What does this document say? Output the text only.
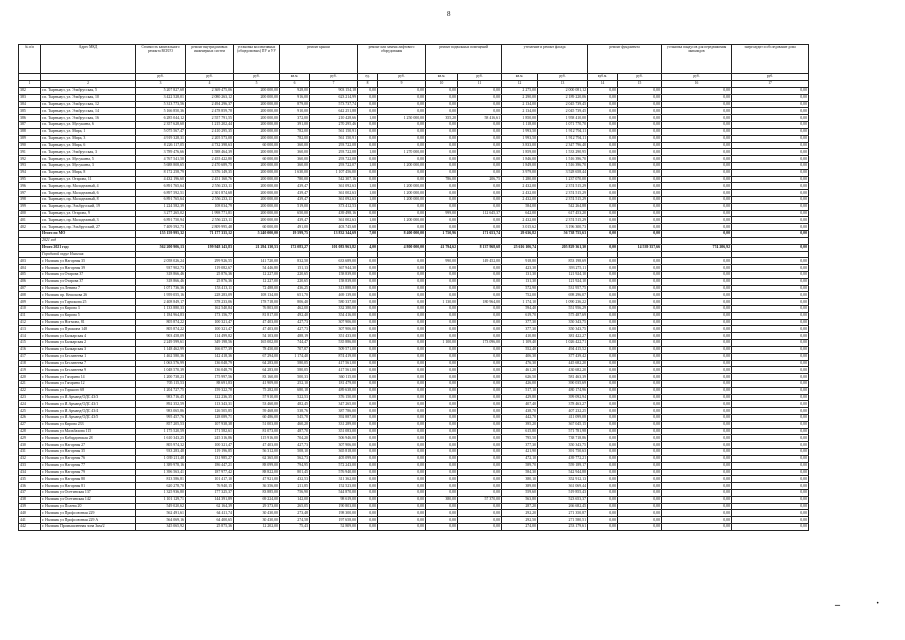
8
№ п/п	Адрес МКД	Стоимость капитального ремонта ВСЕГО	ремонт внутридомовых инженерных систем	установка коллективных (общедомовых) ПУ и УУ	ремонт крыши		ремонт или замена лифтового оборудования		ремонт подвальных помещений		утепление и ремонт фасада		ремонт фундамента		установка пандусов для передвижения инвалидов	энергоаудит и обследование дома
		руб.	руб.	руб.	кв.м.	руб.	ед.	руб.	кв.м.	руб.	кв.м.	руб.	куб.м.	руб.	руб.	руб.
1	2	3	4	5	6	7	8	9	10	11	12	13	14	15	16	17
382	г.п. Тырныауз, ул. Эльбрусская, 5	5 207 827,68	2 369 475,06	200 000,00	928,00	903 154,18	0,00	0,00	0,00	0,00	2 275,00	2 000 081,12	0,00	0,00	0,00	0,00
383	г.п. Тырныауз, ул. Эльбрусская, 10	3 422 528,01	2 080 263,12	200 000,00	916,00	623 214,99	0,00	0,00	0,00	0,00	2 290,00	2 189 220,06	0,00	0,00	0,00	0,00
384	г.п. Тырныауз, ул. Эльбрусская, 12	5 313 773,56	2 494 296,37	200 000,00	879,00	573 737,74	0,00	0,00	0,00	0,00	2 134,00	2 045 739,45	0,00	0,00	0,00	0,00
385	г.п. Тырныауз, ул. Эльбрусская, 14	5 166 850,36	2 478 859,78	200 000,00	910,00	642 251,88	0,00	0,00	0,00	0,00	2 134,00	2 045 739,45	0,00	0,00	0,00	0,00
386	г.п. Тырныауз, ул. Эльбрусская, 16	6 285 044,12	2 557 791,55	200 000,00	372,00	210 428,66	1,00	1 250 000,00	355,20	58 416,61	1 850,00	1 958 410,00	0,00	0,00	0,00	0,00
387	г.п. Тырныауз, ул. Мусукаева, 6	2 357 628,60	1 215 202,44	200 000,00	391,00	270 295,46	0,00	0,00	0,00	0,00	1 118,00	1 071 770,70	0,00	0,00	0,00	0,00
388	г.п. Тырныауз, ул. Мира, 1	5 075 567,47	2 410 295,35	200 000,00	782,00	561 150,91	0,00	0,00	0,00	0,00	1 993,50	1 912 794,11	0,00	0,00	0,00	0,00
389	г.п. Тырныауз, ул. Мира, 3	4 919 328,31	2 205 573,08	200 000,00	782,00	561 150,91	0,00	0,00	0,00	0,00	1 993,50	1 912 794,11	0,00	0,00	0,00	0,00
390	г.п. Тырныауз, ул. Мира, 6	8 226 117,05	4 732 398,63	60 000,00	360,00	293 722,08	0,00	0,00	0,00	0,00	3 833,00	2 347 796,40	0,00	0,00	0,00	0,00
391	г.п. Тырныауз, ул. Эльбрусская, 3	3 789 476,66	1 588 464,39	200 000,00	360,00	293 722,08	1,00	1 270 000,00	0,00	0,00	1 859,00	1 533 290,95	0,00	0,00	0,00	0,00
392	г.п. Тырныауз, ул. Мусукаева, 5	4 767 541,50	2 455 422,80	60 000,00	360,00	293 722,08	0,00	0,00	0,00	0,00	1 846,00	1 516 396,70	0,00	0,00	0,00	0,00
393	г.п. Тырныауз, ул. Мусукаева, 3	5 688 808,65	2 470 689,75	200 000,00	360,00	293 722,07	1,00	1 200 000,00	0,00	0,00	1 849,00	1 516 396,70	0,00	0,00	0,00	0,00
394	г.п. Тырныауз, ул. Мира, 8	8 172 258,79	3 376 149,35	200 000,00	1 630,00	1 107 456,00	0,00	0,00	0,00	0,00	3 979,00	3 528 658,44	0,00	0,00	0,00	0,00
395	г.п. Тырныауз, ул. Отарова, 11	4 432 196,60	2 451 160,76	200 000,00	780,00	542 307,16	0,00	0,00	786,00	206,75	1 280,00	1 237 070,00	0,00	0,00	0,00	0,00
396	г.п. Тырныауз, пр. Молодежный, 4	6 891 765,64	2 556 233,11	200 000,00	439,47	361 092,63	1,00	1 200 000,00	0,00	0,00	2 432,00	2 374 515,29	0,00	0,00	0,00	0,00
397	г.п. Тырныауз, пр. Молодежный, 6	6 897 592,51	2 301 874,68	200 000,00	439,47	361 002,63	1,00	1 200 000,00	0,00	0,00	2 432,00	2 374 515,29	0,00	0,00	0,00	0,00
398	г.п. Тырныауз, пр. Молодежный, 8	6 891 765,64	2 556 233,11	200 000,00	439,47	361 092,63	1,00	1 200 000,00	0,00	0,00	2 432,00	2 374 515,29	0,00	0,00	0,00	0,00
399	г.п. Тырныауз, пр. Эльбрусский, 19	1 224 582,39	108 034,79	200 000,00	519,00	373 412,53	0,00	0,00	0,00	0,00	584,00	542 264,88	0,00	0,00	0,00	0,00
400	г.п. Тырныауз, ул. Отарова, 9	3 277 265,02	1 998 771,81	200 000,00	650,00	439 498,16	0,00	0,00	999,00	112 645,37	642,00	617 453,20	0,00	0,00	0,00	0,00
401	г.п. Тырныауз, пр. Молодежный, 3	6 891 750,94	2 556 223,11	200 000,00	439,47	361 002,63	1,00	1 200 000,00	0,00	0,00	2 432,00	2 374 515,29	0,00	0,00	0,00	0,00
402	г.п. Тырныауз, пр. Эльбрусский, 27	7 409 592,73	2 809 995,48	60 000,00	491,00	403 745,68	0,00	0,00	0,00	0,00	3 015,62	3 196 300,73	0,00	0,00	0,00	0,00
	Итого по МО	155 159 995,32	71 177 335,12	5 240 000,00	19 599,75	13 832 344,69	7,00	8 400 000,00	1 750,96	171 653,74	29 636,82	56 738 755,63	0,00	0,00	0,00	0,00
	2021 год															
	Итого 2021 год:	562 200 906,13	199 948 143,83	21 294 130,53	172 083,27	101 083 963,82	4,00	4 800 000,00	41 794,62	8 137 968,68	25 616 106,74	205 829 361,30	0,00	14 539 357,66	774 206,92	0,00
	Городской округ Нальчик															
403	г. Нальчик ул Нагорная 35	2 058 026,24	299 926,55	141 720,00	832,50	633 689,00	0,00	0,00	990,00	149 452,00	918,80	853 198,69	0,00	0,00	0,00	0,00
404	г. Нальчик ул Нагорная 39	937 902,73	119 082,67	54 446,80	151,13	367 944,30	0,00	0,00	0,00	0,00	423,30	393 275,11	0,00	0,00	0,00	0,00
405	г. Нальчик ул Отарова 37	318 866,46	25 876,36	12 227,00	220,65	158 839,00	0,00	0,00	0,00	0,00	131,30	121 924,10	0,00	0,00	0,00	0,00
406	г. Нальчик ул Отарова 37	318 866,46	25 876,36	12 227,00	220,65	158 839,00	0,00	0,00	0,00	0,00	131,30	121 924,10	0,00	0,00	0,00	0,00
407	г. Нальчик ул Ленина 7	1 071 736,36	153 413,11	72 488,00	436,25	313 888,00	0,00	0,00	0,00	0,00	572,90	531 957,75	0,00	0,00	0,00	0,00
408	г. Нальчик пр. Кешокова 26	1 959 055,16	228 283,09	108 134,00	651,70	469 139,00	0,00	0,00	0,00	0,00	752,00	698 296,07	0,00	0,00	0,00	0,00
409	г. Нальчик ул Тарчокова 25	2 408 849,17	378 233,06	178 718,00	806,40	580 337,00	0,00	0,00	1 130,00	180 964,00	1 174,10	1 090 236,22	0,00	0,00	0,00	0,00
410	г. Нальчик ул Кирова 3	1 133 880,33	162 540,84	76 803,00	462,00	332 380,00	0,00	0,00	0,00	0,00	594,40	551 956,29	0,00	0,00	0,00	0,00
411	г. Нальчик ул Кирова 5	1 184 964,83	173 156,77	81 817,00	492,40	354 416,00	0,00	0,00	0,00	0,00	619,70	575 487,69	0,00	0,00	0,00	0,00
412	г. Нальчик ул Ногмова, 81	805 874,22	100 321,47	47 403,00	427,73	307 906,00	0,00	0,00	0,00	0,00	377,30	350 343,75	0,00	0,00	0,00	0,00
413	г. Нальчик ул Пушкина 148	805 874,22	100 321,47	47 403,00	427,73	307 906,00	0,00	0,00	0,00	0,00	377,30	350 343,75	0,00	0,00	0,00	0,00
414	г. Нальчик ул Балкарская 4	903 458,09	114 499,82	54 103,00	488,19	351 433,00	0,00	0,00	0,00	0,00	410,80	381 422,27	0,00	0,00	0,00	0,00
415	г. Нальчик ул Балкарская 2	2 249 599,61	349 198,56	165 002,00	744,47	535 886,00	0,00	0,00	1 100,00	173 096,00	1 109,40	1 026 422,71	0,00	0,00	0,00	0,00
416	г. Нальчик ул Балкарская 3	1 148 462,99	166 077,39	78 450,00	707,87	509 571,00	0,00	0,00	0,00	0,00	552,40	494 415,52	0,00	0,00	0,00	0,00
417	г. Нальчик ул Бесланеева 1	1 462 580,36	142 418,36	67 294,00	1 174,40	874 419,00	0,00	0,00	0,00	0,00	406,30	377 439,42	0,00	0,00	0,00	0,00
418	г. Нальчик ул Бесланеева 7	1 063 576,99	136 048,79	64 283,00	580,05	417 561,00	0,00	0,00	0,00	0,00	476,30	445 682,20	0,00	0,00	0,00	0,00
419	г. Нальчик ул Бесланеева 9	1 048 570,39	136 048,79	64 283,00	580,05	417 561,00	0,00	0,00	0,00	0,00	461,20	430 682,20	0,00	0,00	0,00	0,00
420	г. Нальчик ул Гагарина 14	1 200 738,23	175 997,56	83 160,00	500,33	360 115,00	0,00	0,00	0,00	0,00	626,50	581 463,39	0,00	0,00	0,00	0,00
421	г. Нальчик ул Гагарина 12	705 115,53	88 691,83	41 909,00	252,10	181 479,00	0,00	0,00	0,00	0,00	426,00	390 035,69	0,00	0,00	0,00	0,00
422	г. Нальчик ул Горького 68	1 204 727,75	159 322,78	75 282,00	680,18	489 638,00	0,00	0,00	0,00	0,00	517,10	480 174,96	0,00	0,00	0,00	0,00
423	г. Нальчик ул И.Арманд/ОДС 43/3	983 716,45	122 236,35	57 910,00	522,53	376 150,00	0,00	0,00	0,00	0,00	429,80	399 092,94	0,00	0,00	0,00	0,00
424	г. Нальчик ул И.Арманд/ОДС 43/1	892 352,59	113 343,31	53 460,00	482,45	347 265,00	0,00	0,00	0,00	0,00	407,40	378 463,27	0,00	0,00	0,00	0,00
425	г. Нальчик ул И.Арманд/ОДС 43/4	983 065,86	126 505,85	59 468,00	538,76	387 786,00	0,00	0,00	0,00	0,00	438,70	407 232,25	0,00	0,00	0,00	0,00
426	г. Нальчик ул И.Арманд/ОДС 43/5	995 457,76	128 089,71	60 486,00	545,78	392 887,00	0,00	0,00	0,00	0,00	442,70	411 099,08	0,00	0,00	0,00	0,00
427	г. Нальчик ул Кирова 233	857 205,53	107 938,38	51 003,00	460,20	331 289,00	0,00	0,00	0,00	0,00	395,20	367 045,15	0,00	0,00	0,00	0,00
428	г. Нальчик ул Мальбахова 115	1 175 520,59	171 582,61	81 073,00	487,70	351 083,00	0,00	0,00	0,00	0,00	615,80	571 781,98	0,00	0,00	0,00	0,00
429	г. Нальчик ул Кабардинская 28	1 610 343,25	245 316,86	115 916,00	704,20	506 946,00	0,00	0,00	0,00	0,00	795,50	738 718,86	0,00	0,00	0,00	0,00
430	г. Нальчик ул Нагорная 27	805 974,32	100 321,47	47 403,00	427,73	307 906,00	0,00	0,00	0,00	0,00	377,30	350 343,75	0,00	0,00	0,00	0,00
431	г. Нальчик ул Нагорная 35	933 283,48	119 196,85	56 312,00	508,10	365 818,00	0,00	0,00	0,00	0,00	421,90	391 750,63	0,00	0,00	0,00	0,00
432	г. Нальчик ул Нагорная 76	1 039 211,48	131 985,27	62 365,00	562,73	405 099,00	0,00	0,00	0,00	0,00	472,10	439 772,21	0,00	0,00	0,00	0,00
433	г. Нальчик ул Нагорная 77	1 389 978,16	186 447,21	88 099,00	794,95	572 243,00	0,00	0,00	0,00	0,00	589,70	559 189,17	0,00	0,00	0,00	0,00
434	г. Нальчик ул Нагорная 79	1 396 563,41	187 977,42	88 822,00	801,45	576 940,00	0,00	0,00	0,00	0,00	584,30	542 944,88	0,00	0,00	0,00	0,00
435	г. Нальчик ул Нагорная 80	813 586,81	101 417,10	47 921,00	432,53	311 362,00	0,00	0,00	0,00	0,00	380,10	352 912,13	0,00	0,00	0,00	0,00
436	г. Нальчик ул Нагорная 81	620 278,70	76 940,15	36 356,00	211,85	152 523,00	0,00	0,00	0,00	0,00	389,00	361 069,44	0,00	0,00	0,00	0,00
437	г. Нальчик ул Осетинская 137	1 325 936,80	177 325,37	83 885,00	756,90	544 870,00	0,00	0,00	0,00	0,00	559,60	519 855,43	0,00	0,00	0,00	0,00
438	г. Нальчик ул Осетинская 142	1 101 129,71	144 391,89	69 224,00	142,00	98 619,00	0,00	0,00	380,00	57 370,00	563,80	523 653,37	0,00	0,00	0,00	0,00
439	г. Нальчик ул Полева 20	549 020,62	62 164,39	29 373,00	265,05	190 803,00	0,00	0,00	0,00	0,00	287,20	266 682,45	0,00	0,00	0,00	0,00
440	г. Нальчик ул Профсоюзная 229	562 491,61	64 411,74	30 430,00	273,48	198 300,00	0,00	0,00	0,00	0,00	292,20	271 350,87	0,00	0,00	0,00	0,00
441	г. Нальчик ул Профсоюзная 229 А	564 069,16	64 400,65	30 430,00	274,58	197 658,00	0,00	0,00	0,00	0,00	292,50	271 580,51	0,00	0,00	0,00	0,00
442	г. Нальчик Промышленная зона 3км/2	345 065,92	25 875,36	12 202,00	75,43	52 809,00	0,00	0,00	0,00	0,00	274,00	253 179,61	0,00	0,00	0,00	0,00
‒	·
